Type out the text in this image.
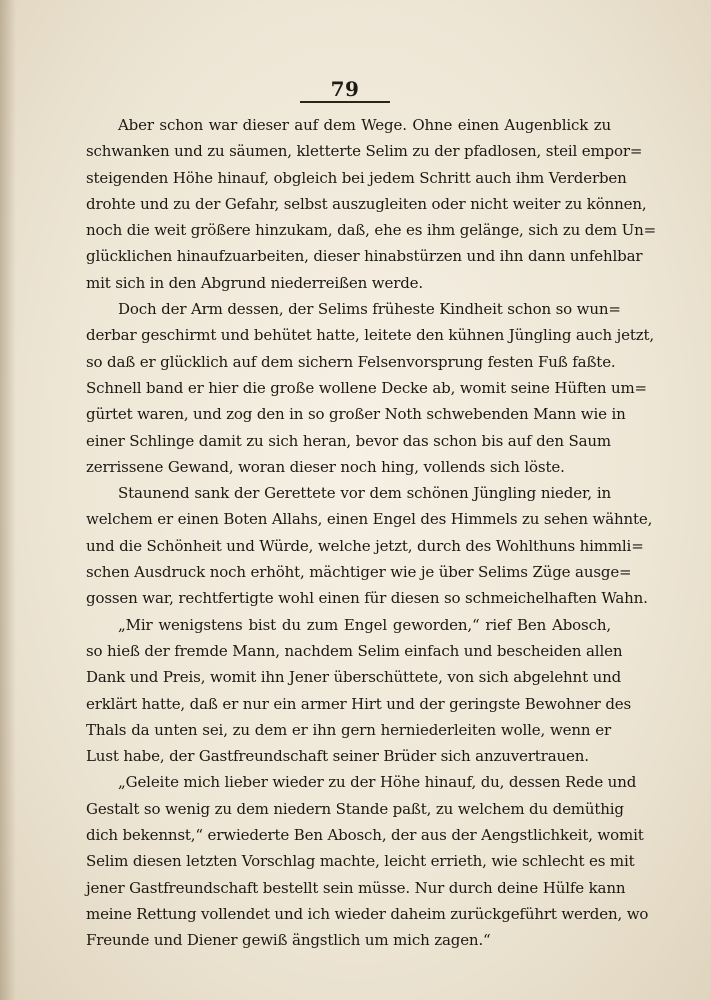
79
Aber schon war dieser auf dem Wege. Ohne einen Augenblick zu
schwanken und zu säumen, kletterte Selim zu der pfadlosen, steil empor=
steigenden Höhe hinauf, obgleich bei jedem Schritt auch ihm Verderben
drohte und zu der Gefahr, selbst auszugleiten oder nicht weiter zu können,
noch die weit größere hinzukam, daß, ehe es ihm gelänge, sich zu dem Un=
glücklichen hinaufzuarbeiten, dieser hinabstürzen und ihn dann unfehlbar
mit sich in den Abgrund niederreißen werde.
Doch der Arm dessen, der Selims früheste Kindheit schon so wun=
derbar geschirmt und behütet hatte, leitete den kühnen Jüngling auch jetzt,
so daß er glücklich auf dem sichern Felsenvorsprung festen Fuß faßte.
Schnell band er hier die große wollene Decke ab, womit seine Hüften um=
gürtet waren, und zog den in so großer Noth schwebenden Mann wie in
einer Schlinge damit zu sich heran, bevor das schon bis auf den Saum
zerrissene Gewand, woran dieser noch hing, vollends sich löste.
Staunend sank der Gerettete vor dem schönen Jüngling nieder, in
welchem er einen Boten Allahs, einen Engel des Himmels zu sehen wähnte,
und die Schönheit und Würde, welche jetzt, durch des Wohlthuns himmli=
schen Ausdruck noch erhöht, mächtiger wie je über Selims Züge ausge=
gossen war, rechtfertigte wohl einen für diesen so schmeichelhaften Wahn.
„Mir wenigstens bist du zum Engel geworden,“ rief Ben Abosch,
so hieß der fremde Mann, nachdem Selim einfach und bescheiden allen
Dank und Preis, womit ihn Jener überschüttete, von sich abgelehnt und
erklärt hatte, daß er nur ein armer Hirt und der geringste Bewohner des
Thals da unten sei, zu dem er ihn gern herniederleiten wolle, wenn er
Lust habe, der Gastfreundschaft seiner Brüder sich anzuvertrauen.
„Geleite mich lieber wieder zu der Höhe hinauf, du, dessen Rede und
Gestalt so wenig zu dem niedern Stande paßt, zu welchem du demüthig
dich bekennst,“ erwiederte Ben Abosch, der aus der Aengstlichkeit, womit
Selim diesen letzten Vorschlag machte, leicht errieth, wie schlecht es mit
jener Gastfreundschaft bestellt sein müsse. Nur durch deine Hülfe kann
meine Rettung vollendet und ich wieder daheim zurückgeführt werden, wo
Freunde und Diener gewiß ängstlich um mich zagen.“
